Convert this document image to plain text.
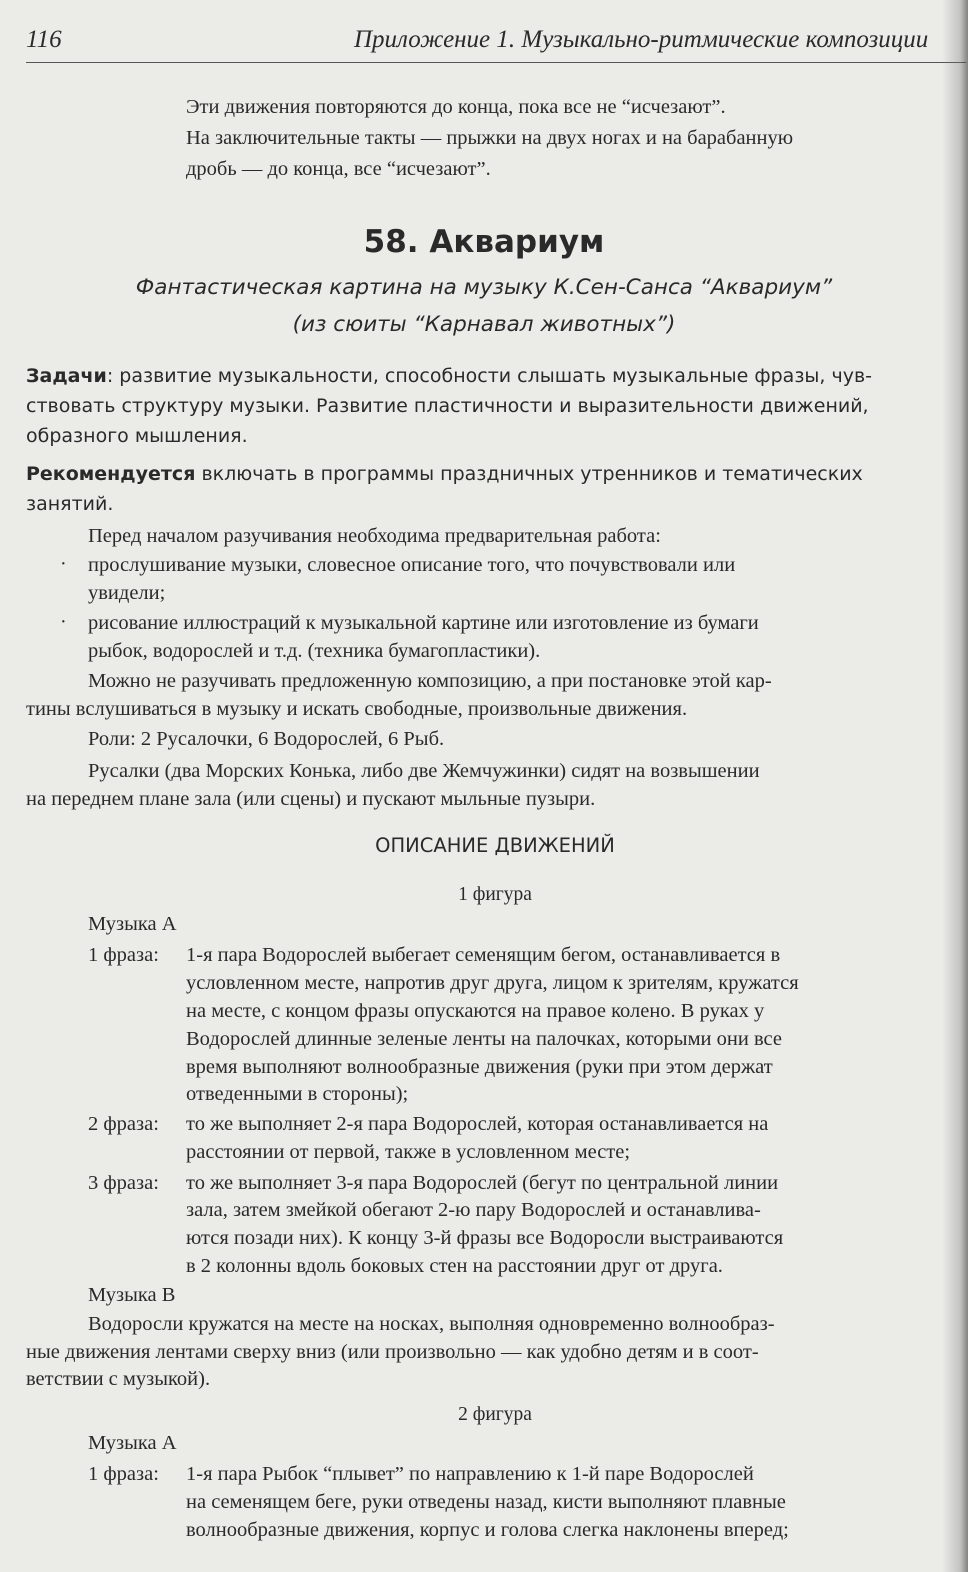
116	Приложение 1. Музыкально-ритмические композиции

Эти движения повторяются до конца, пока все не “исчезают”.

На заключительные такты — прыжки на двух ногах и на барабанную

дробь — до конца, все “исчезают”.

58. Аквариум
Фантастическая картина на музыку К.Сен-Санса “Аквариум”
(из сюиты “Карнавал животных”)

Задачи: развитие музыкальности, способности слышать музыкальные фразы, чув-

ствовать структуру музыки. Развитие пластичности и выразительности движений,

образного мышления.

Рекомендуется включать в программы праздничных утренников и тематических

занятий.

Перед началом разучивания необходима предварительная работа:

· прослушивание музыки, словесное описание того, что почувствовали или

увидели;

· рисование иллюстраций к музыкальной картине или изготовление из бумаги

рыбок, водорослей и т.д. (техника бумагопластики).

Можно не разучивать предложенную композицию, а при постановке этой кар-

тины вслушиваться в музыку и искать свободные, произвольные движения.

Роли: 2 Русалочки, 6 Водорослей, 6 Рыб.

Русалки (два Морских Конька, либо две Жемчужинки) сидят на возвышении

на переднем плане зала (или сцены) и пускают мыльные пузыри.

ОПИСАНИЕ ДВИЖЕНИЙ
1 фигура

Музыка А

1 фраза: 1-я пара Водорослей выбегает семенящим бегом, останавливается в

условленном месте, напротив друг друга, лицом к зрителям, кружатся

на месте, с концом фразы опускаются на правое колено. В руках у

Водорослей длинные зеленые ленты на палочках, которыми они все

время выполняют волнообразные движения (руки при этом держат

отведенными в стороны);

2 фраза: то же выполняет 2-я пара Водорослей, которая останавливается на

расстоянии от первой, также в условленном месте;

3 фраза: то же выполняет 3-я пара Водорослей (бегут по центральной линии

зала, затем змейкой обегают 2-ю пару Водорослей и останавлива-

ются позади них). К концу 3-й фразы все Водоросли выстраиваются

в 2 колонны вдоль боковых стен на расстоянии друг от друга.

Музыка В

Водоросли кружатся на месте на носках, выполняя одновременно волнообраз-

ные движения лентами сверху вниз (или произвольно — как удобно детям и в соот-

ветствии с музыкой).

2 фигура

Музыка А

1 фраза: 1-я пара Рыбок “плывет” по направлению к 1-й паре Водорослей

на семенящем беге, руки отведены назад, кисти выполняют плавные

волнообразные движения, корпус и голова слегка наклонены вперед;
